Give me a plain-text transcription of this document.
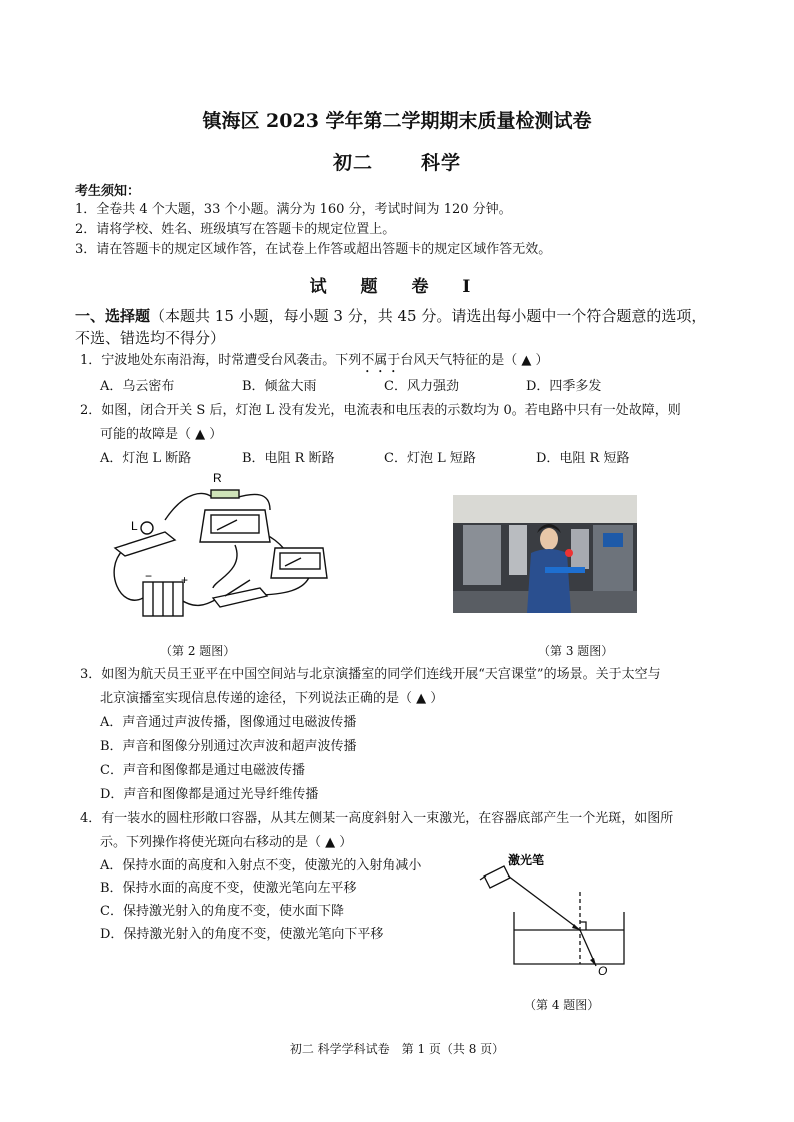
镇海区 2023 学年第二学期期末质量检测试卷
初二	科学
考生须知：
1．全卷共 4 个大题，33 个小题。满分为 160 分，考试时间为 120 分钟。
2．请将学校、姓名、班级填写在答题卡的规定位置上。
3．请在答题卡的规定区域作答，在试卷上作答或超出答题卡的规定区域作答无效。
试 题 卷 I
一、选择题（本题共 15 小题，每小题 3 分，共 45 分。请选出每小题中一个符合题意的选项，
不选、错选均不得分）
1．宁波地处东南沿海，时常遭受台风袭击。下列不属于台风天气特征的是（ ▲ ）
A．乌云密布	B．倾盆大雨	C．风力强劲	D．四季多发
2．如图，闭合开关 S 后，灯泡 L 没有发光，电流表和电压表的示数均为 0。若电路中只有一处故障，则
可能的故障是（ ▲ ）
A．灯泡 L 断路	B．电阻 R 断路	C．灯泡 L 短路	D．电阻 R 短路
R
L
− +
（第 2 题图）	（第 3 题图）
3．如图为航天员王亚平在中国空间站与北京演播室的同学们连线开展“天宫课堂”的场景。关于太空与
北京演播室实现信息传递的途径，下列说法正确的是（ ▲ ）
A．声音通过声波传播，图像通过电磁波传播
B．声音和图像分别通过次声波和超声波传播
C．声音和图像都是通过电磁波传播
D．声音和图像都是通过光导纤维传播
4．有一装水的圆柱形敞口容器，从其左侧某一高度斜射入一束激光，在容器底部产生一个光斑，如图所
示。下列操作将使光斑向右移动的是（ ▲ ）
A．保持水面的高度和入射点不变，使激光的入射角减小
B．保持水面的高度不变，使激光笔向左平移
C．保持激光射入的角度不变，使水面下降
D．保持激光射入的角度不变，使激光笔向下平移
激光笔
O
（第 4 题图）
初二 科学学科试卷　第 1 页（共 8 页）
